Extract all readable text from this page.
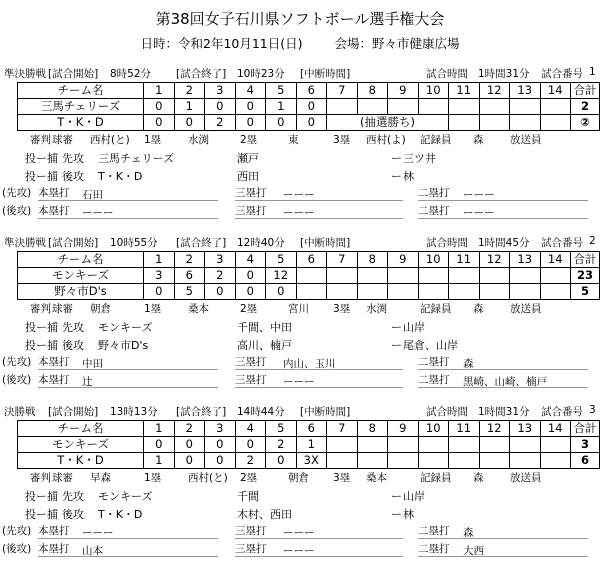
第38回女子石川県ソフトボール選手権大会
日時：令和2年10月11日(日)	会場：野々市健康広場
準決勝戦 [試合開始] 8時52分 [試合終了] 10時23分 [中断時間]	試合時間 1時間31分 試合番号 1
チーム名	1	2	3	4	5	6	7	8	9	10	11	12	13	14	合計
三馬チェリーズ	0	1	0	0	1	0									2
T・K・D	0	0	2	0	0	0	(抽選勝ち)								②
審判 球審 西村(と) 1塁	水渕	2塁	東	3塁 西村(よ) 記録員 森	放送員
投ー捕 先攻 三馬チェリーズ	瀬戸	ー 三ツ井
投ー捕 後攻 T・K・D	西田	ー 林
(先攻) 本塁打 石田	三塁打 ーーー	二塁打 ーーー
(後攻) 本塁打 ーーー	三塁打 ーーー	二塁打 ーーー
準決勝戦 [試合開始] 10時55分 [試合終了] 12時40分 [中断時間]	試合時間 1時間45分 試合番号 2
チーム名	1	2	3	4	5	6	7	8	9	10	11	12	13	14	合計
モンキーズ	3	6	2	0	12										23
野々市D's	0	5	0	0	0										5
審判 球審 朝倉	1塁	桑本	2塁	宮川 3塁 水渕	記録員 森	放送員
投ー捕 先攻 モンキーズ	千間、中田	ー 山岸
投ー捕 後攻 野々市D's	高川、楠戸	ー 尾倉、山岸
(先攻) 本塁打 中田	三塁打 内山、玉川	二塁打 森
(後攻) 本塁打 辻	三塁打 ーーー	二塁打 黒崎、山崎、楠戸
決勝戦 [試合開始] 13時13分 [試合終了] 14時44分 [中断時間]	試合時間 1時間31分 試合番号 3
チーム名	1	2	3	4	5	6	7	8	9	10	11	12	13	14	合計
モンキーズ	0	0	0	0	2	1									3
T・K・D	1	0	0	2	0	3X									6
審判 球審 早森	1塁	西村(と) 2塁	朝倉 3塁 桑本	記録員 森	放送員
投ー捕 先攻 モンキーズ	千間	ー 山岸
投ー捕 後攻 T・K・D	木村、西田	ー 林
(先攻) 本塁打 ーーー	三塁打 ーーー	二塁打 森
(後攻) 本塁打 山本	三塁打 ーーー	二塁打 大西
